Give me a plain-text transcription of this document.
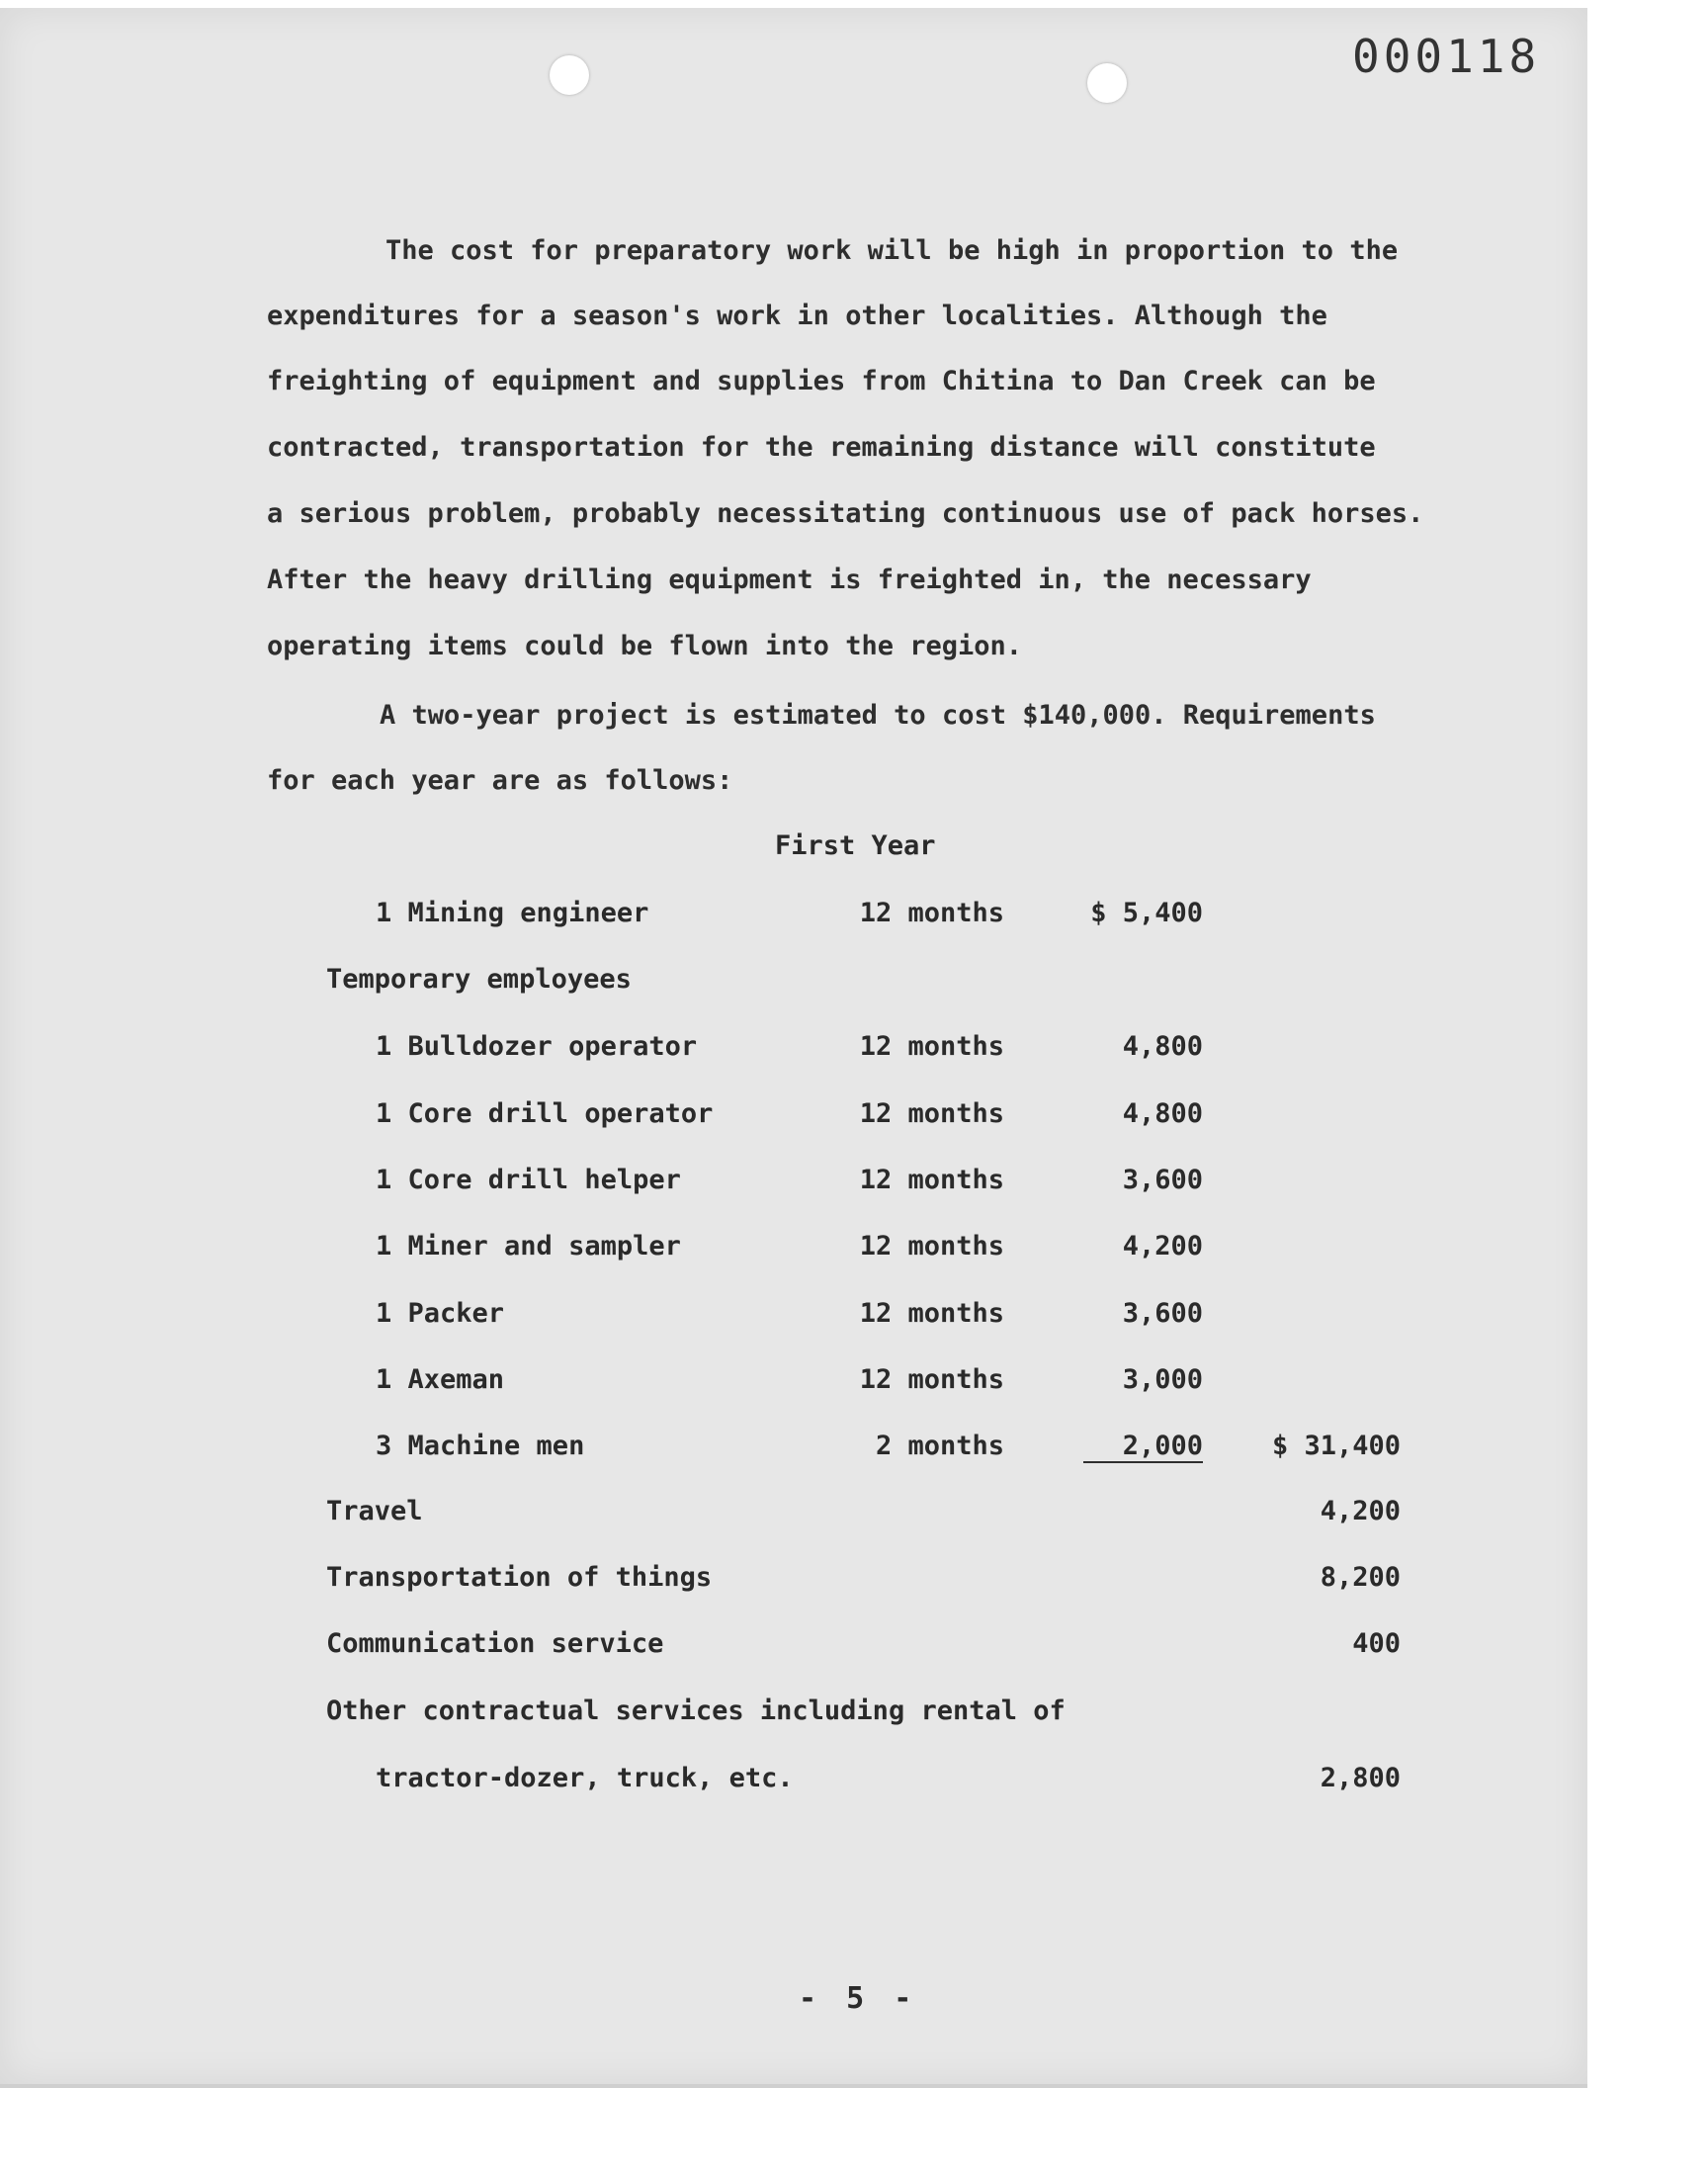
000118
The cost for preparatory work will be high in proportion to the
expenditures for a season's work in other localities. Although the
freighting of equipment and supplies from Chitina to Dan Creek can be
contracted, transportation for the remaining distance will constitute
a serious problem, probably necessitating continuous use of pack horses.
After the heavy drilling equipment is freighted in, the necessary
operating items could be flown into the region.
A two-year project is estimated to cost $140,000. Requirements
for each year are as follows:
First Year
1 Mining engineer	12 months	$ 5,400
Temporary employees
1 Bulldozer operator	12 months	4,800
1 Core drill operator	12 months	4,800
1 Core drill helper	12 months	3,600
1 Miner and sampler	12 months	4,200
1 Packer	12 months	3,600
1 Axeman	12 months	3,000
3 Machine men	2 months	2,000	$ 31,400
Travel	4,200
Transportation of things	8,200
Communication service	400
Other contractual services including rental of
tractor-dozer, truck, etc.	2,800
- 5 -
